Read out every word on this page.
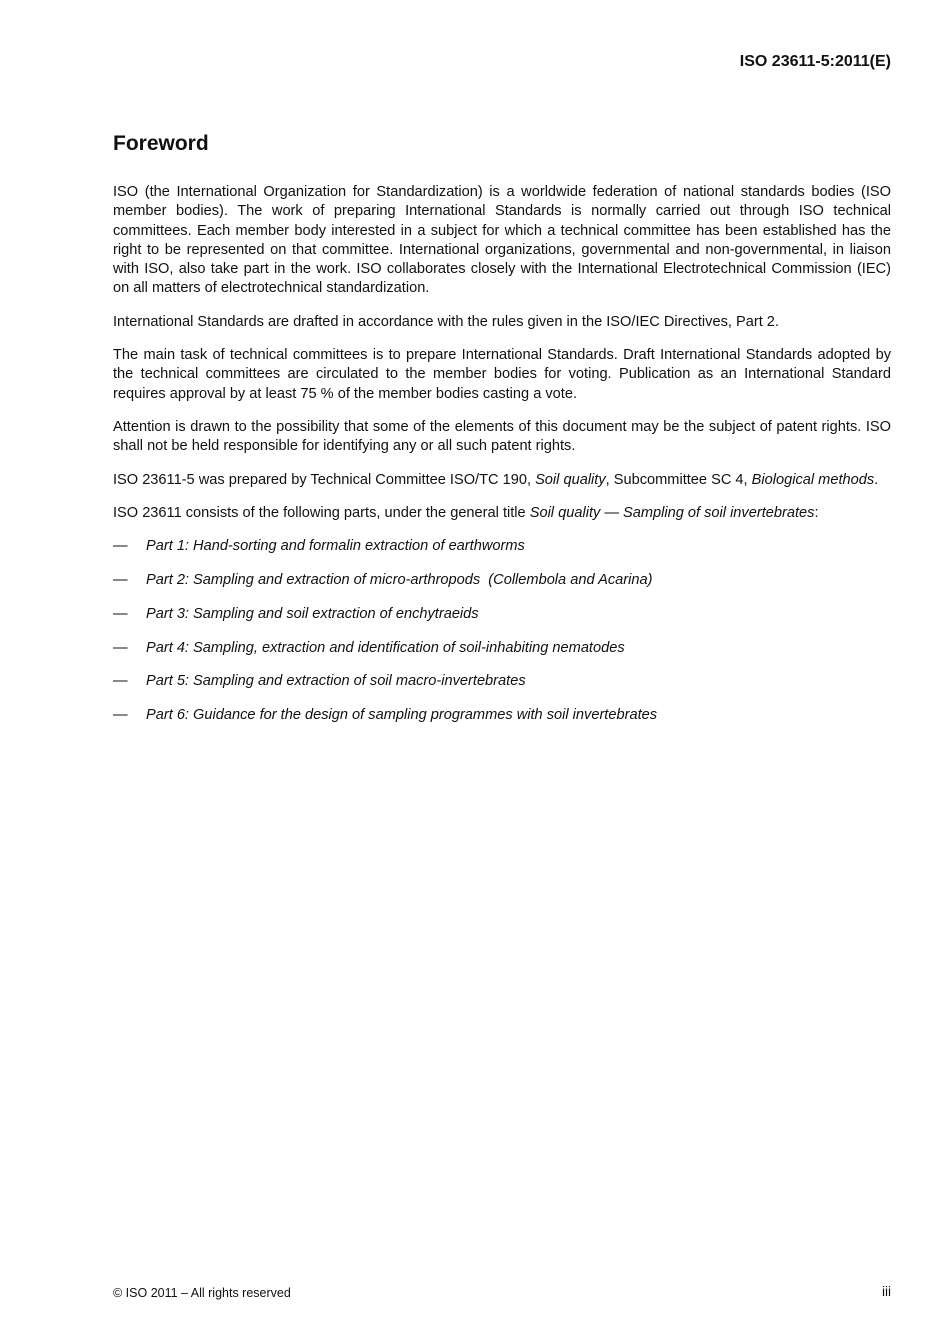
ISO 23611-5:2011(E)
Foreword

ISO (the International Organization for Standardization) is a worldwide federation of national standards bodies (ISO member bodies). The work of preparing International Standards is normally carried out through ISO technical committees. Each member body interested in a subject for which a technical committee has been established has the right to be represented on that committee. International organizations, governmental and non-governmental, in liaison with ISO, also take part in the work. ISO collaborates closely with the International Electrotechnical Commission (IEC) on all matters of electrotechnical standardization.

International Standards are drafted in accordance with the rules given in the ISO/IEC Directives, Part 2.

The main task of technical committees is to prepare International Standards. Draft International Standards adopted by the technical committees are circulated to the member bodies for voting. Publication as an International Standard requires approval by at least 75 % of the member bodies casting a vote.

Attention is drawn to the possibility that some of the elements of this document may be the subject of patent rights. ISO shall not be held responsible for identifying any or all such patent rights.

ISO 23611-5 was prepared by Technical Committee ISO/TC 190, Soil quality, Subcommittee SC 4, Biological methods.

ISO 23611 consists of the following parts, under the general title Soil quality — Sampling of soil invertebrates:

—	Part 1: Hand-sorting and formalin extraction of earthworms
—	Part 2: Sampling and extraction of micro-arthropods  (Collembola and Acarina)
—	Part 3: Sampling and soil extraction of enchytraeids
—	Part 4: Sampling, extraction and identification of soil-inhabiting nematodes
—	Part 5: Sampling and extraction of soil macro-invertebrates
—	Part 6: Guidance for the design of sampling programmes with soil invertebrates
© ISO 2011 – All rights reserved	iii
